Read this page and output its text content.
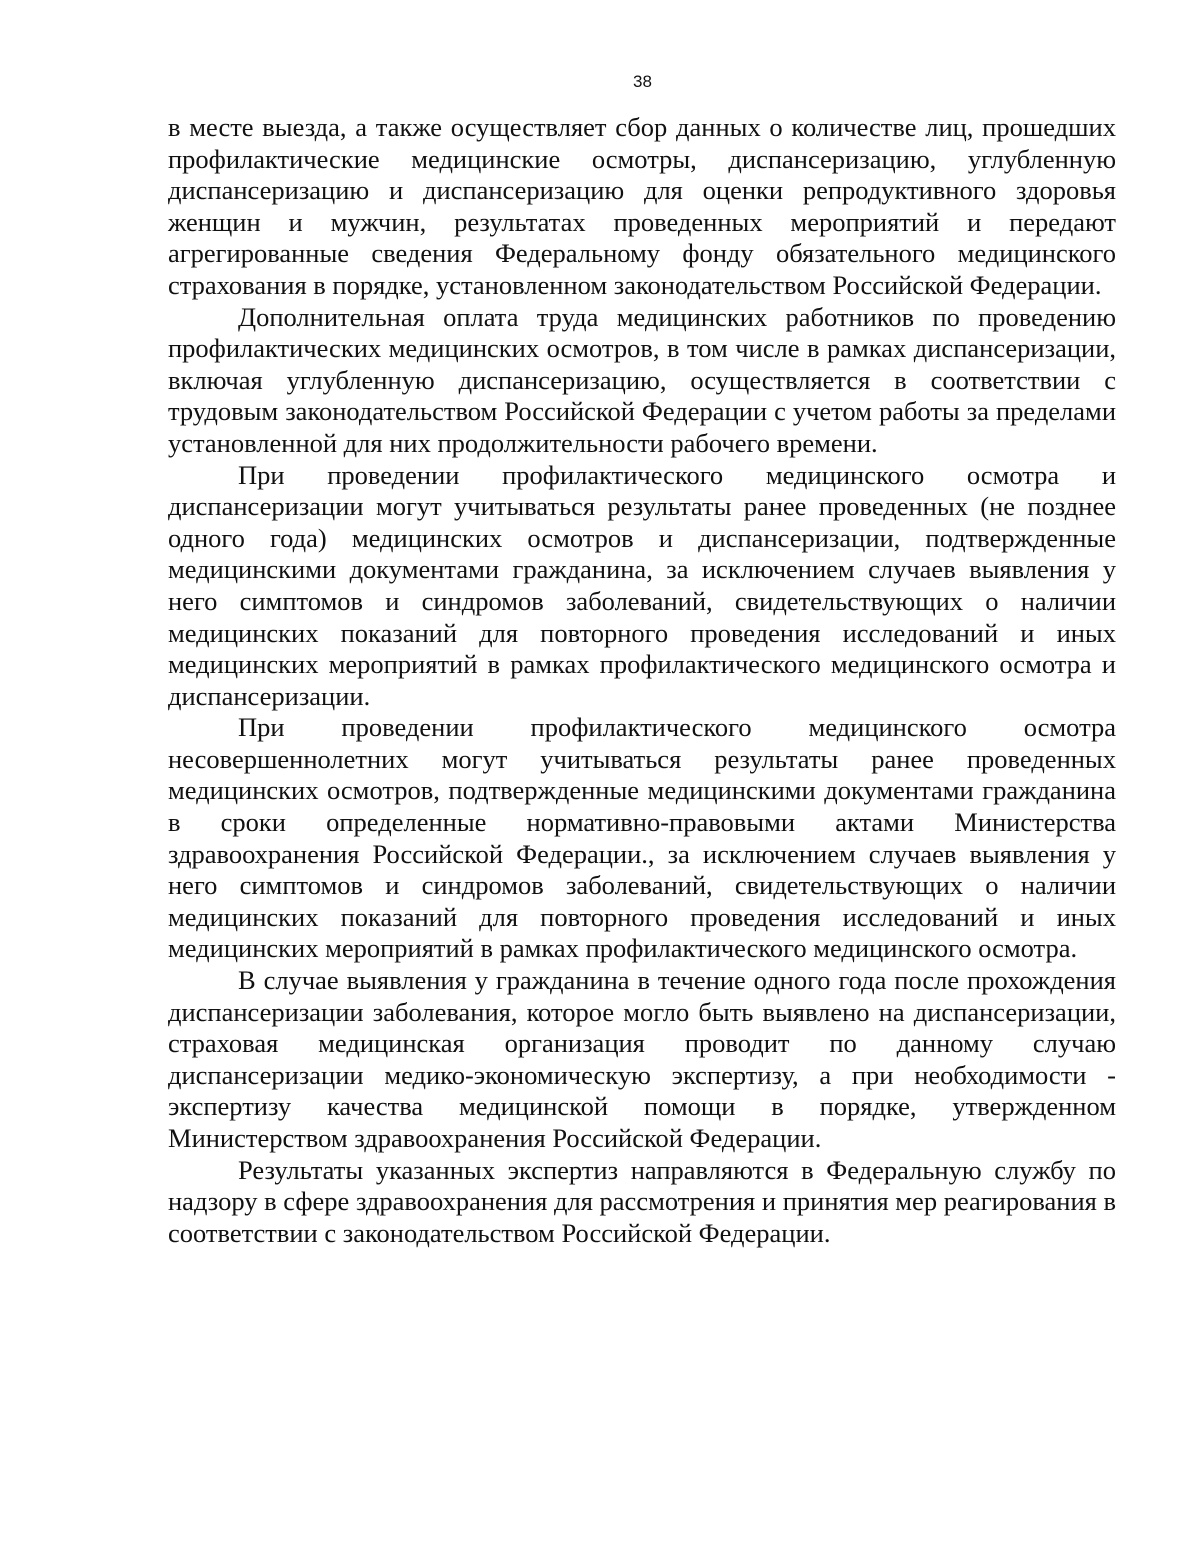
38

в месте выезда, а также осуществляет сбор данных о количестве лиц, прошедших профилактические медицинские осмотры, диспансеризацию, углубленную диспансеризацию и диспансеризацию для оценки репродуктивного здоровья женщин и мужчин, результатах проведенных мероприятий и передают агрегированные сведения Федеральному фонду обязательного медицинского страхования в порядке, установленном законодательством Российской Федерации.

Дополнительная оплата труда медицинских работников по проведению профилактических медицинских осмотров, в том числе в рамках диспансеризации, включая углубленную диспансеризацию, осуществляется в соответствии с трудовым законодательством Российской Федерации с учетом работы за пределами установленной для них продолжительности рабочего времени.

При проведении профилактического медицинского осмотра и диспансеризации могут учитываться результаты ранее проведенных (не позднее одного года) медицинских осмотров и диспансеризации, подтвержденные медицинскими документами гражданина, за исключением случаев выявления у него симптомов и синдромов заболеваний, свидетельствующих о наличии медицинских показаний для повторного проведения исследований и иных медицинских мероприятий в рамках профилактического медицинского осмотра и диспансеризации.

При проведении профилактического медицинского осмотра несовершеннолетних могут учитываться результаты ранее проведенных медицинских осмотров, подтвержденные медицинскими документами гражданина в сроки определенные нормативно-правовыми актами Министерства здравоохранения Российской Федерации., за исключением случаев выявления у него симптомов и синдромов заболеваний, свидетельствующих о наличии медицинских показаний для повторного проведения исследований и иных медицинских мероприятий в рамках профилактического медицинского осмотра.

В случае выявления у гражданина в течение одного года после прохождения диспансеризации заболевания, которое могло быть выявлено на диспансеризации, страховая медицинская организация проводит по данному случаю диспансеризации медико-экономическую экспертизу, а при необходимости - экспертизу качества медицинской помощи в порядке, утвержденном Министерством здравоохранения Российской Федерации.

Результаты указанных экспертиз направляются в Федеральную службу по надзору в сфере здравоохранения для рассмотрения и принятия мер реагирования в соответствии с законодательством Российской Федерации.
